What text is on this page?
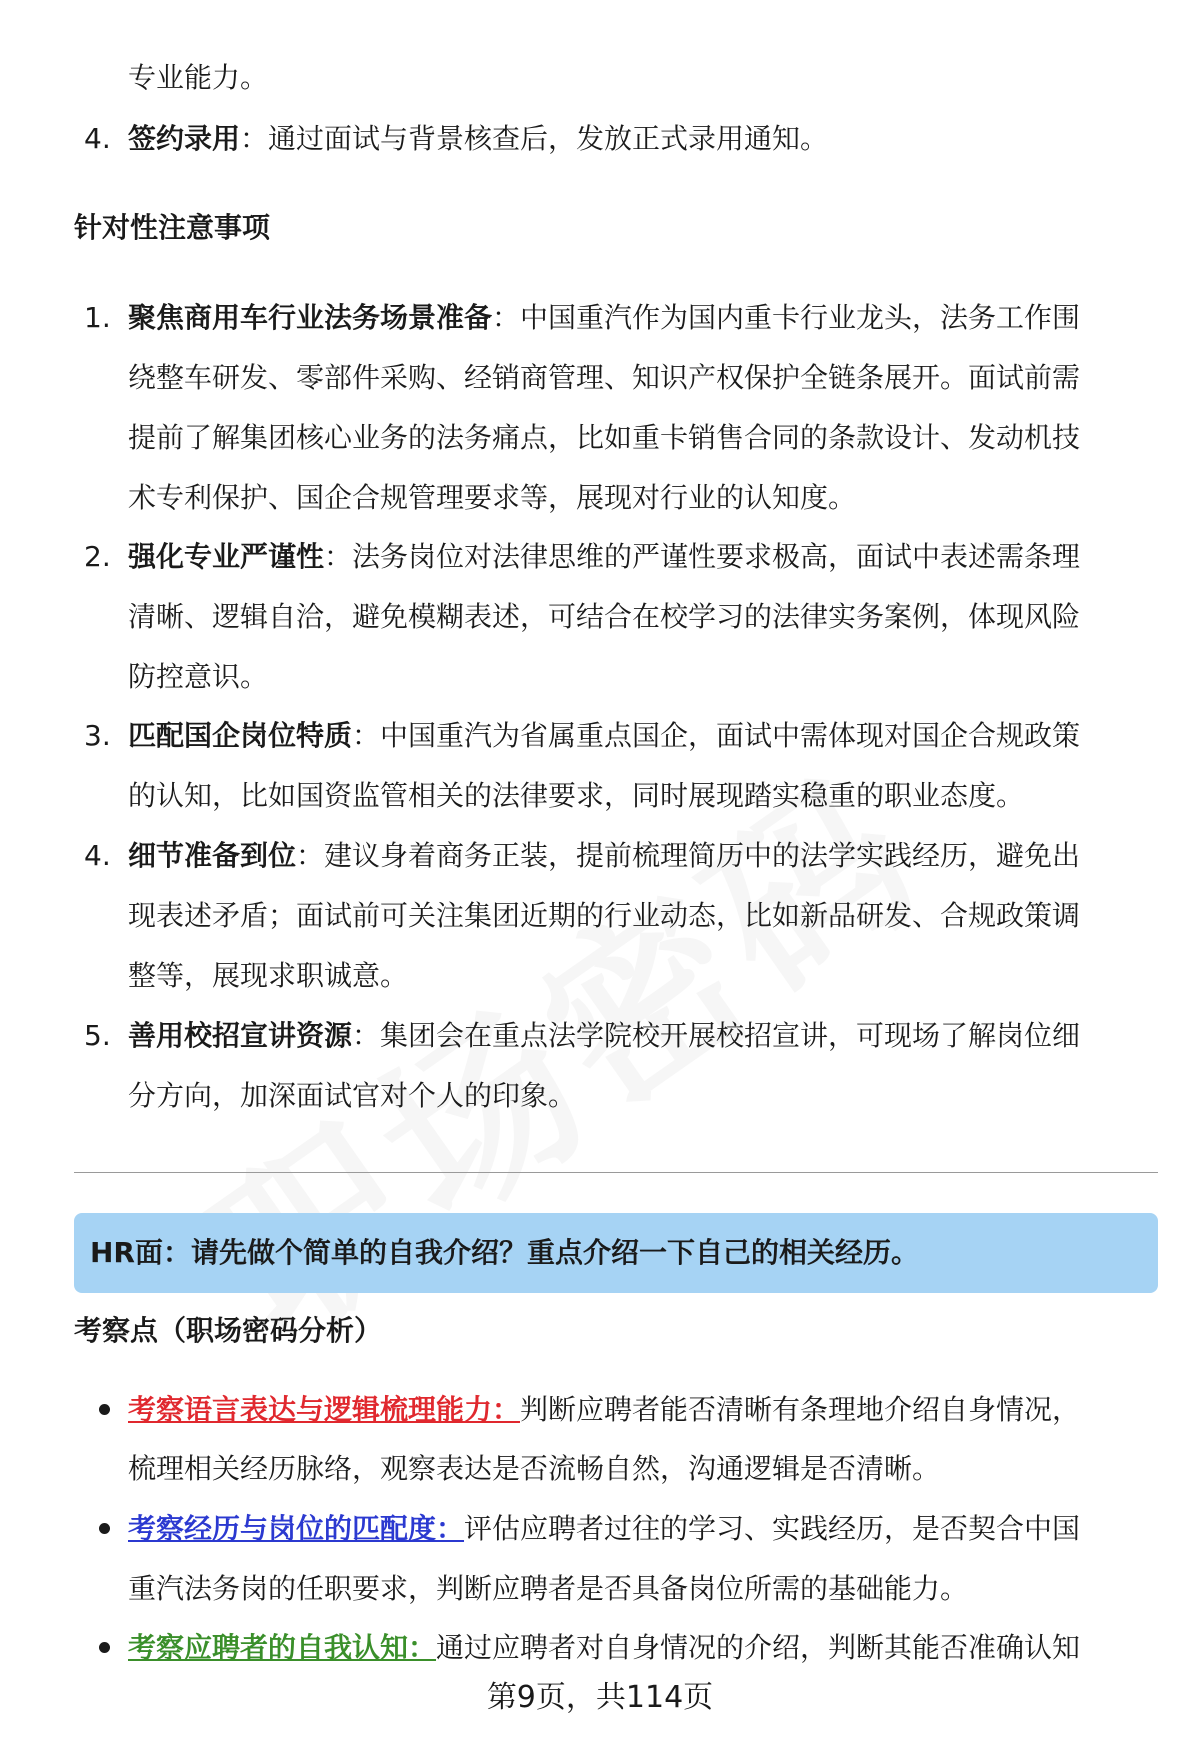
专业能力。
4. 签约录用：通过面试与背景核查后，发放正式录用通知。
针对性注意事项
1. 聚焦商用车行业法务场景准备：中国重汽作为国内重卡行业龙头，法务工作围
绕整车研发、零部件采购、经销商管理、知识产权保护全链条展开。面试前需
提前了解集团核心业务的法务痛点，比如重卡销售合同的条款设计、发动机技
术专利保护、国企合规管理要求等，展现对行业的认知度。
2. 强化专业严谨性：法务岗位对法律思维的严谨性要求极高，面试中表述需条理
清晰、逻辑自洽，避免模糊表述，可结合在校学习的法律实务案例，体现风险
防控意识。
3. 匹配国企岗位特质：中国重汽为省属重点国企，面试中需体现对国企合规政策
的认知，比如国资监管相关的法律要求，同时展现踏实稳重的职业态度。
4. 细节准备到位：建议身着商务正装，提前梳理简历中的法学实践经历，避免出
现表述矛盾；面试前可关注集团近期的行业动态，比如新品研发、合规政策调
整等，展现求职诚意。
5. 善用校招宣讲资源：集团会在重点法学院校开展校招宣讲，可现场了解岗位细
分方向，加深面试官对个人的印象。
HR面：请先做个简单的自我介绍？重点介绍一下自己的相关经历。
考察点（职场密码分析）
考察语言表达与逻辑梳理能力：判断应聘者能否清晰有条理地介绍自身情况，
梳理相关经历脉络，观察表达是否流畅自然，沟通逻辑是否清晰。
考察经历与岗位的匹配度：评估应聘者过往的学习、实践经历，是否契合中国
重汽法务岗的任职要求，判断应聘者是否具备岗位所需的基础能力。
考察应聘者的自我认知：通过应聘者对自身情况的介绍，判断其能否准确认知
第9页，共114页
